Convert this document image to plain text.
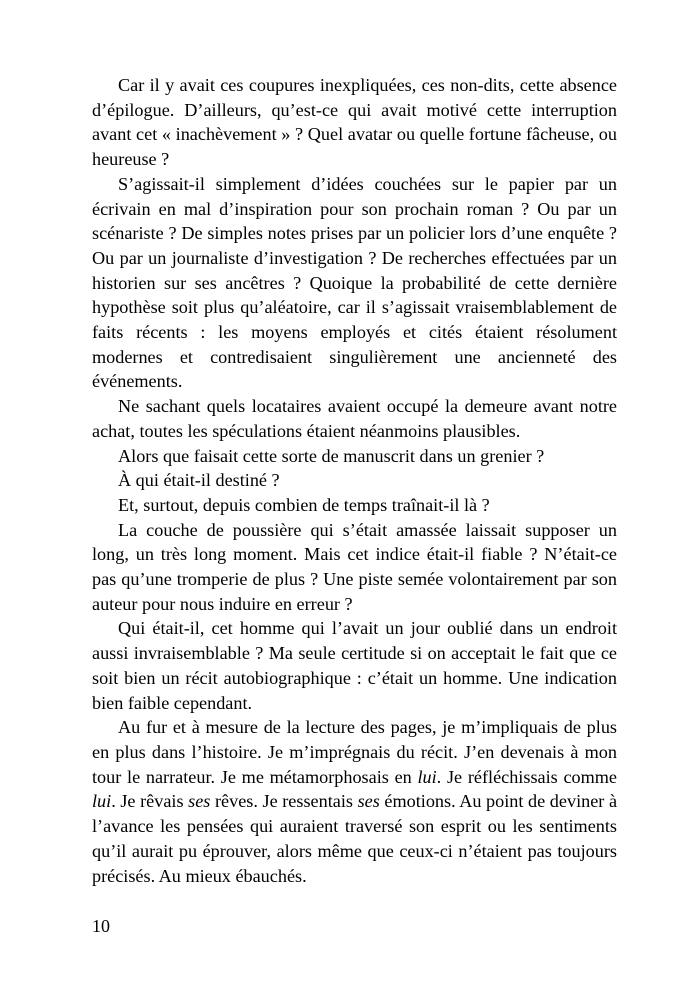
Car il y avait ces coupures inexpliquées, ces non-dits, cette absence d’épilogue. D’ailleurs, qu’est-ce qui avait motivé cette interruption avant cet « inachèvement » ? Quel avatar ou quelle fortune fâcheuse, ou heureuse ?

S’agissait-il simplement d’idées couchées sur le papier par un écrivain en mal d’inspiration pour son prochain roman ? Ou par un scénariste ? De simples notes prises par un policier lors d’une enquête ? Ou par un journaliste d’investigation ? De recherches effectuées par un historien sur ses ancêtres ? Quoique la probabilité de cette dernière hypothèse soit plus qu’aléatoire, car il s’agissait vraisemblablement de faits récents : les moyens employés et cités étaient résolument modernes et contredisaient singulièrement une ancienneté des événements.

Ne sachant quels locataires avaient occupé la demeure avant notre achat, toutes les spéculations étaient néanmoins plausibles.

Alors que faisait cette sorte de manuscrit dans un grenier ?

À qui était-il destiné ?

Et, surtout, depuis combien de temps traînait-il là ?

La couche de poussière qui s’était amassée laissait supposer un long, un très long moment. Mais cet indice était-il fiable ? N’était-ce pas qu’une tromperie de plus ? Une piste semée volontairement par son auteur pour nous induire en erreur ?

Qui était-il, cet homme qui l’avait un jour oublié dans un endroit aussi invraisemblable ? Ma seule certitude si on acceptait le fait que ce soit bien un récit autobiographique : c’était un homme. Une indication bien faible cependant.

Au fur et à mesure de la lecture des pages, je m’impliquais de plus en plus dans l’histoire. Je m’imprégnais du récit. J’en devenais à mon tour le narrateur. Je me métamorphosais en lui. Je réfléchissais comme lui. Je rêvais ses rêves. Je ressentais ses émotions. Au point de deviner à l’avance les pensées qui auraient traversé son esprit ou les sentiments qu’il aurait pu éprouver, alors même que ceux-ci n’étaient pas toujours précisés. Au mieux ébauchés.

10
